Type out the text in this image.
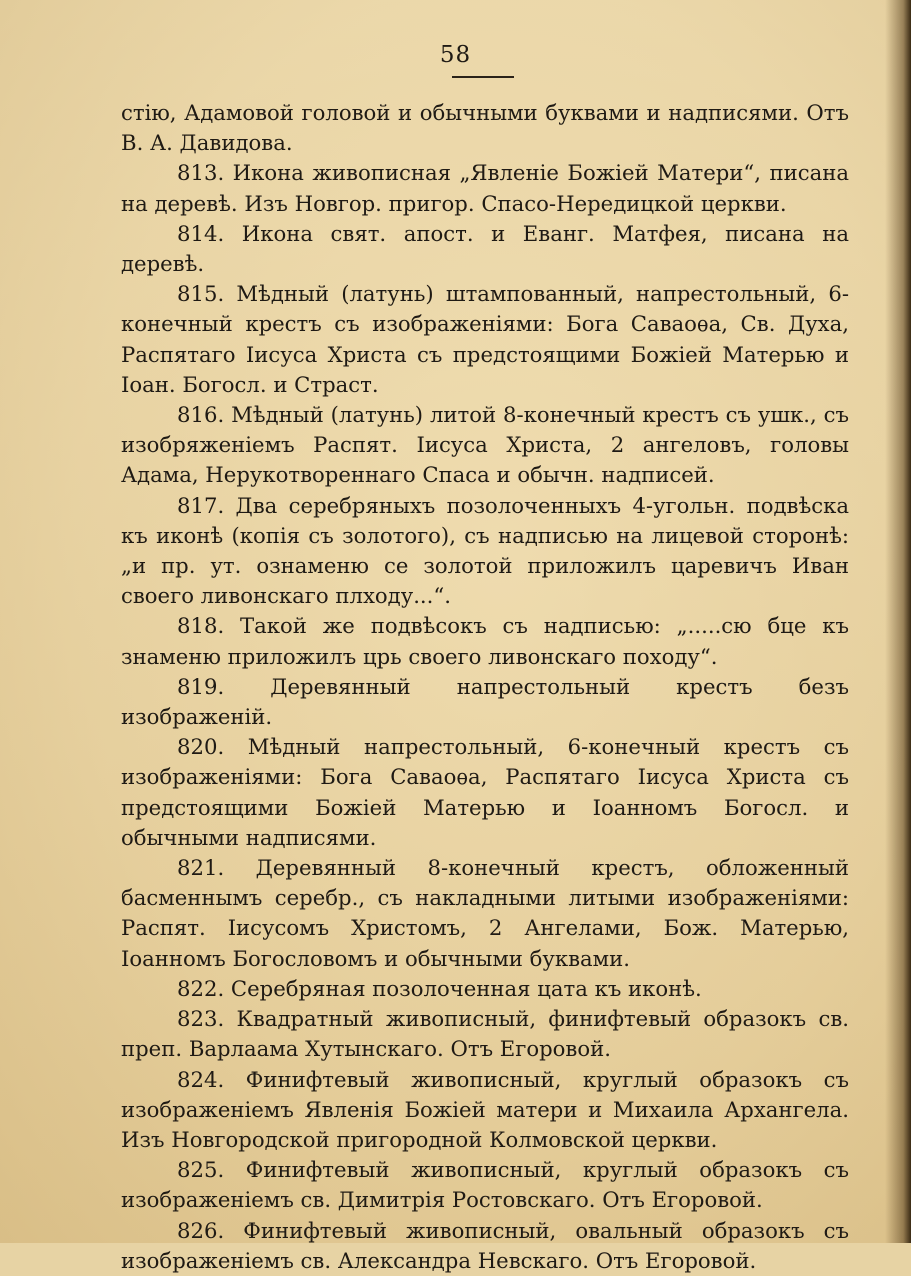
58

стію, Адамовой головой и обычными буквами и надписями. Отъ В. А. Давидова.

813. Икона живописная „Явленіе Божіей Матери“, писана на деревѣ. Изъ Новгор. пригор. Спасо-Нередицкой церкви.

814. Икона свят. апост. и Еванг. Матфея, писана на деревѣ.

815. Мѣдный (латунь) штампованный, напрестольный, 6-конечный крестъ съ изображеніями: Бога Саваоѳа, Св. Духа, Распятаго Іисуса Христа съ предстоящими Божіей Матерью и Іоан. Богосл. и Страст.

816. Мѣдный (латунь) литой 8-конечный крестъ съ ушк., съ изобряженіемъ Распят. Іисуса Христа, 2 ангеловъ, головы Адама, Нерукотвореннаго Спаса и обычн. надписей.

817. Два серебряныхъ позолоченныхъ 4-угольн. подвѣска къ иконѣ (копія съ золотого), съ надписью на лицевой сторонѣ: „и пр. ут. ознаменю се золотой приложилъ царевичъ Иван своего ливонскаго плходу...“.

818. Такой же подвѣсокъ съ надписью: „.....сю бце къ знаменю приложилъ црь своего ливонскаго походу“.

819. Деревянный напрестольный крестъ безъ изображеній.

820. Мѣдный напрестольный, 6-конечный крестъ съ изображеніями: Бога Саваоѳа, Распятаго Іисуса Христа съ предстоящими Божіей Матерью и Іоанномъ Богосл. и обычными надписями.

821. Деревянный 8-конечный крестъ, обложенный басменнымъ серебр., съ накладными литыми изображеніями: Распят. Іисусомъ Христомъ, 2 Ангелами, Бож. Матерью, Іоанномъ Богословомъ и обычными буквами.

822. Серебряная позолоченная цата къ иконѣ.

823. Квадратный живописный, финифтевый образокъ св. преп. Варлаама Хутынскаго. Отъ Егоровой.

824. Финифтевый живописный, круглый образокъ съ изображеніемъ Явленія Божіей матери и Михаила Архангела. Изъ Новгородской пригородной Колмовской церкви.

825. Финифтевый живописный, круглый образокъ съ изображеніемъ св. Димитрія Ростовскаго. Отъ Егоровой.

826. Финифтевый живописный, овальный образокъ съ изображеніемъ св. Александра Невскаго. Отъ Егоровой.
